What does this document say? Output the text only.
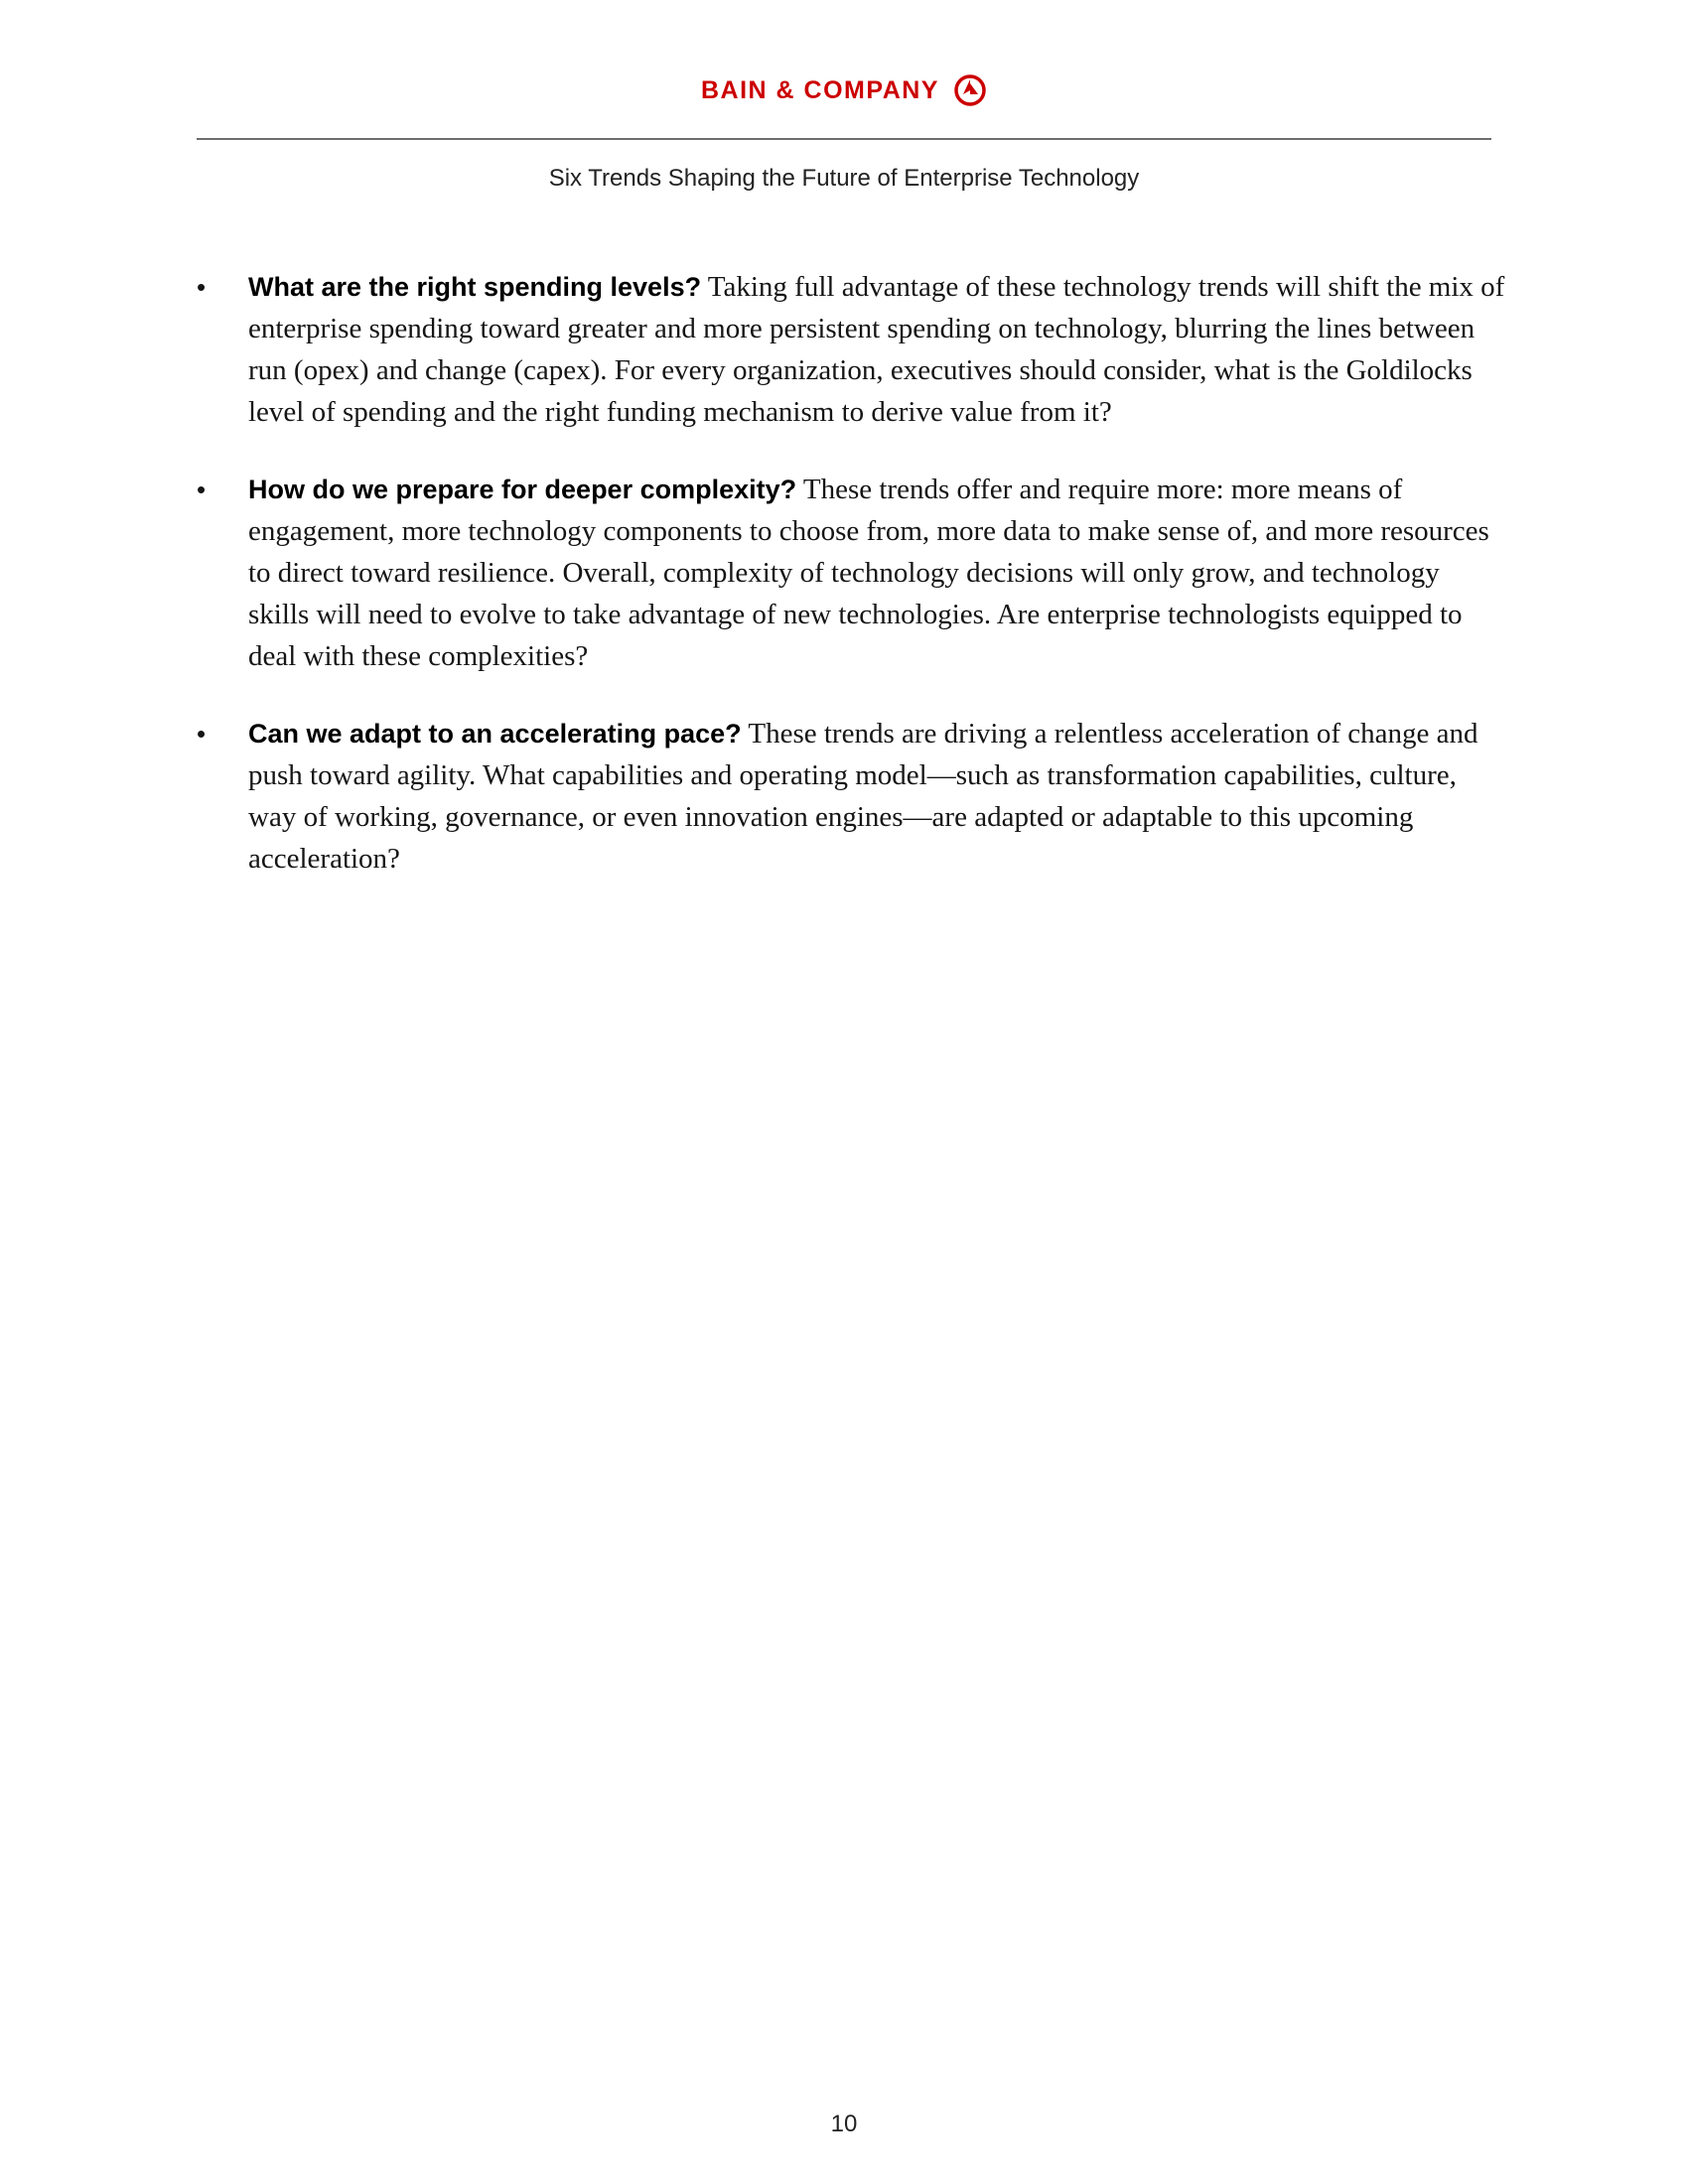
BAIN & COMPANY
Six Trends Shaping the Future of Enterprise Technology
• What are the right spending levels? Taking full advantage of these technology trends will shift the mix of enterprise spending toward greater and more persistent spending on technology, blurring the lines between run (opex) and change (capex). For every organization, executives should consider, what is the Goldilocks level of spending and the right funding mechanism to derive value from it?
• How do we prepare for deeper complexity? These trends offer and require more: more means of engagement, more technology components to choose from, more data to make sense of, and more resources to direct toward resilience. Overall, complexity of technology decisions will only grow, and technology skills will need to evolve to take advantage of new technologies. Are enterprise technologists equipped to deal with these complexities?
• Can we adapt to an accelerating pace? These trends are driving a relentless acceleration of change and push toward agility. What capabilities and operating model—such as transformation capabilities, culture, way of working, governance, or even innovation engines—are adapted or adaptable to this upcoming acceleration?
10
